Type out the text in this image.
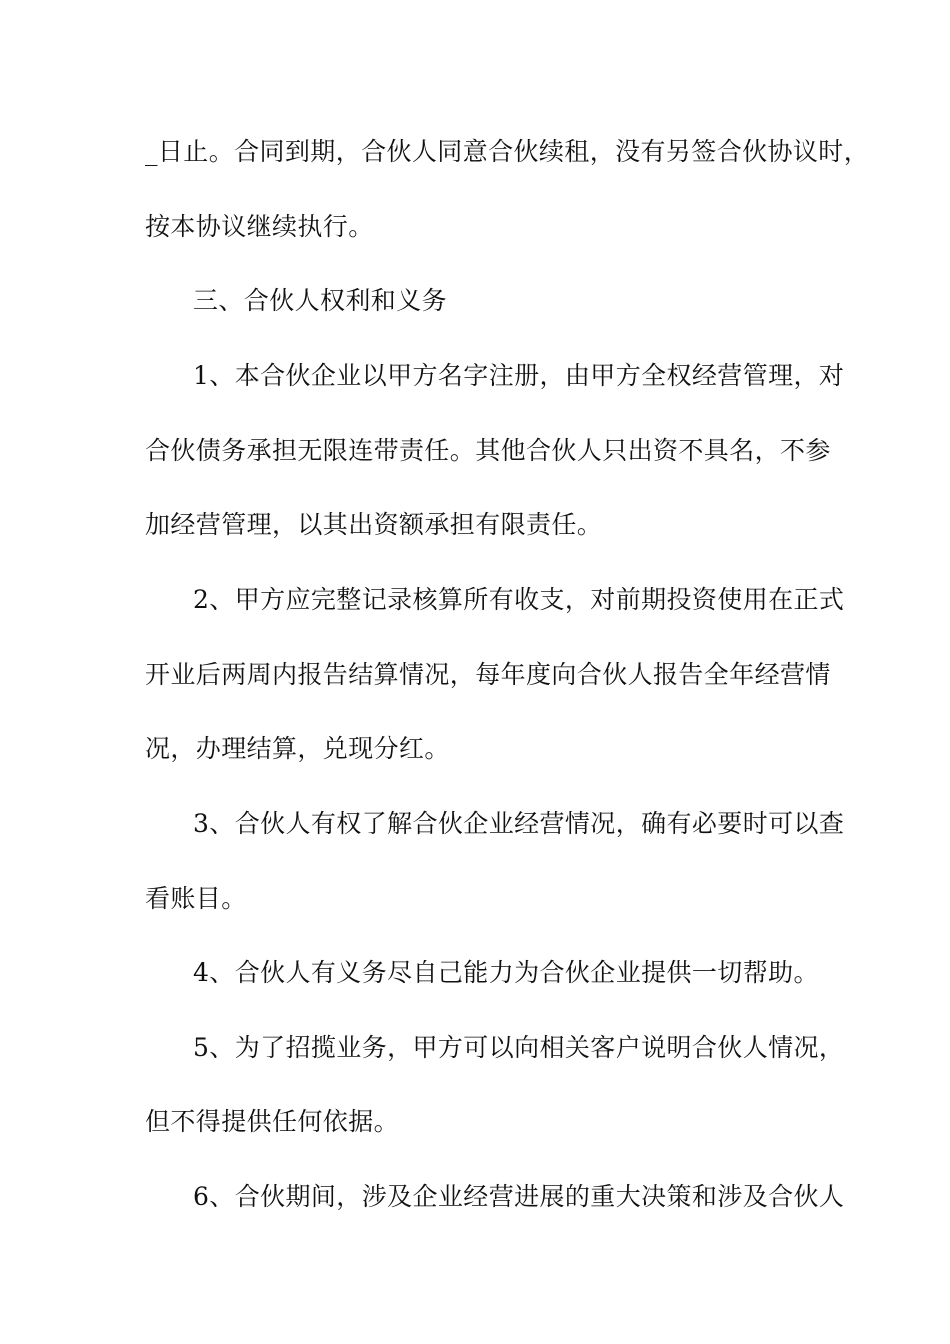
_日止。合同到期，合伙人同意合伙续租，没有另签合伙协议时，
按本协议继续执行。
三、合伙人权利和义务
1、本合伙企业以甲方名字注册，由甲方全权经营管理，对
合伙债务承担无限连带责任。其他合伙人只出资不具名，不参
加经营管理，以其出资额承担有限责任。
2、甲方应完整记录核算所有收支，对前期投资使用在正式
开业后两周内报告结算情况，每年度向合伙人报告全年经营情
况，办理结算，兑现分红。
3、合伙人有权了解合伙企业经营情况，确有必要时可以查
看账目。
4、合伙人有义务尽自己能力为合伙企业提供一切帮助。
5、为了招揽业务，甲方可以向相关客户说明合伙人情况，
但不得提供任何依据。
6、合伙期间，涉及企业经营进展的重大决策和涉及合伙人
